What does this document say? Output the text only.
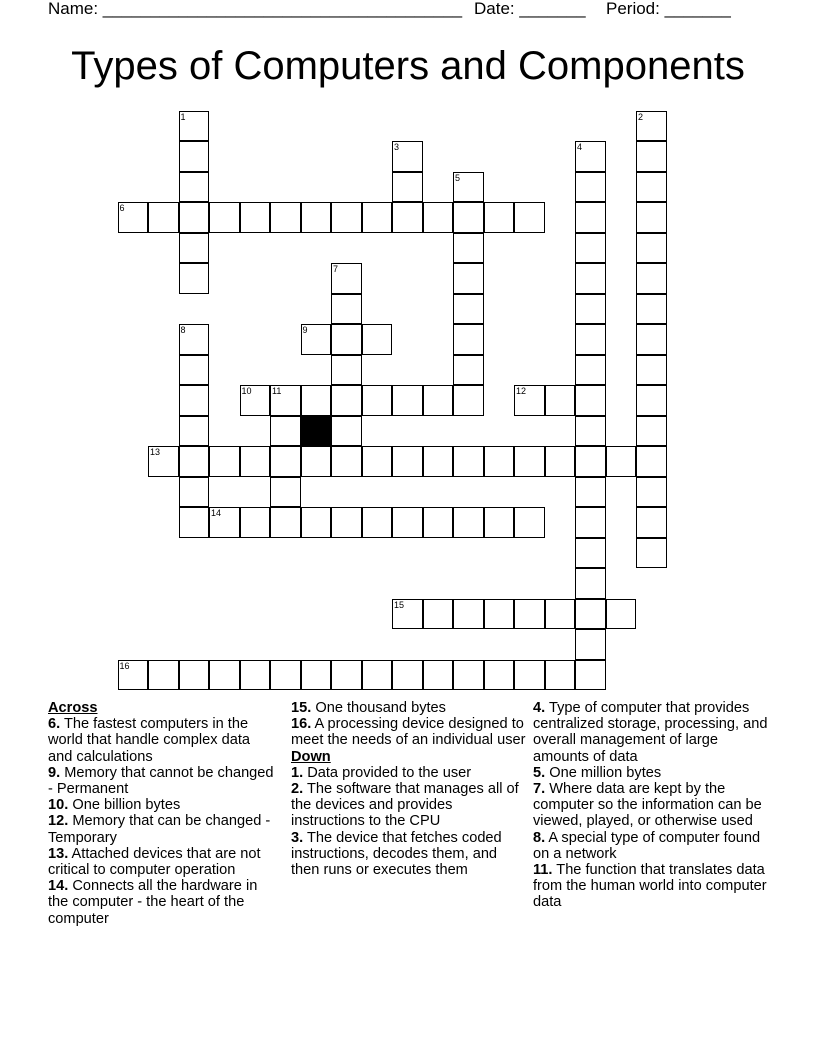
Name: ______________________________________ Date: _______ Period: _______
Types of Computers and Components
6
9
10 11	12
13
14
15
16
1	2
3	4
5
7
8
Across

6. The fastest computers in the world that handle complex data and calculations

9. Memory that cannot be changed - Permanent

10. One billion bytes

12. Memory that can be changed - Temporary

13. Attached devices that are not critical to computer operation

14. Connects all the hardware in the computer - the heart of the computer

15. One thousand bytes

16. A processing device designed to meet the needs of an individual user

Down

1. Data provided to the user

2. The software that manages all of the devices and provides instructions to the CPU

3. The device that fetches coded instructions, decodes them, and then runs or executes them

4. Type of computer that provides centralized storage, processing, and overall management of large amounts of data

5. One million bytes

7. Where data are kept by the computer so the information can be viewed, played, or otherwise used

8. A special type of computer found on a network

11. The function that translates data from the human world into computer data
